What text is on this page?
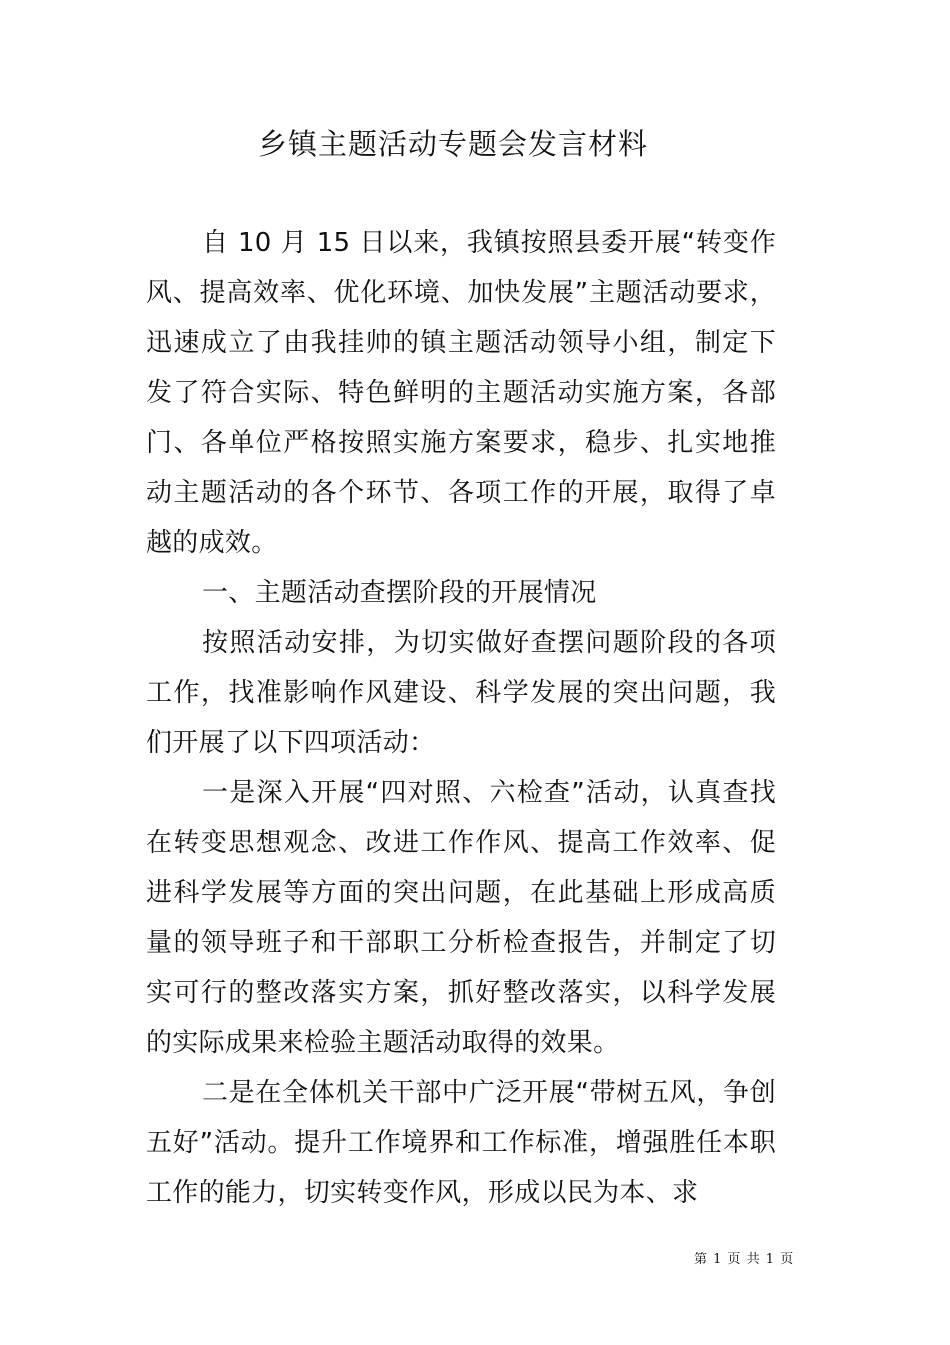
乡镇主题活动专题会发言材料

自 10 月 15 日以来，我镇按照县委开展“转变作风、提高效率、优化环境、加快发展”主题活动要求，迅速成立了由我挂帅的镇主题活动领导小组，制定下发了符合实际、特色鲜明的主题活动实施方案，各部门、各单位严格按照实施方案要求，稳步、扎实地推动主题活动的各个环节、各项工作的开展，取得了卓越的成效。

一、主题活动查摆阶段的开展情况

按照活动安排，为切实做好查摆问题阶段的各项工作，找准影响作风建设、科学发展的突出问题，我们开展了以下四项活动：

一是深入开展“四对照、六检查”活动，认真查找在转变思想观念、改进工作作风、提高工作效率、促进科学发展等方面的突出问题，在此基础上形成高质量的领导班子和干部职工分析检查报告，并制定了切实可行的整改落实方案，抓好整改落实，以科学发展的实际成果来检验主题活动取得的效果。

二是在全体机关干部中广泛开展“带树五风，争创五好”活动。提升工作境界和工作标准，增强胜任本职工作的能力，切实转变作风，形成以民为本、求

第 1 页 共 1 页
